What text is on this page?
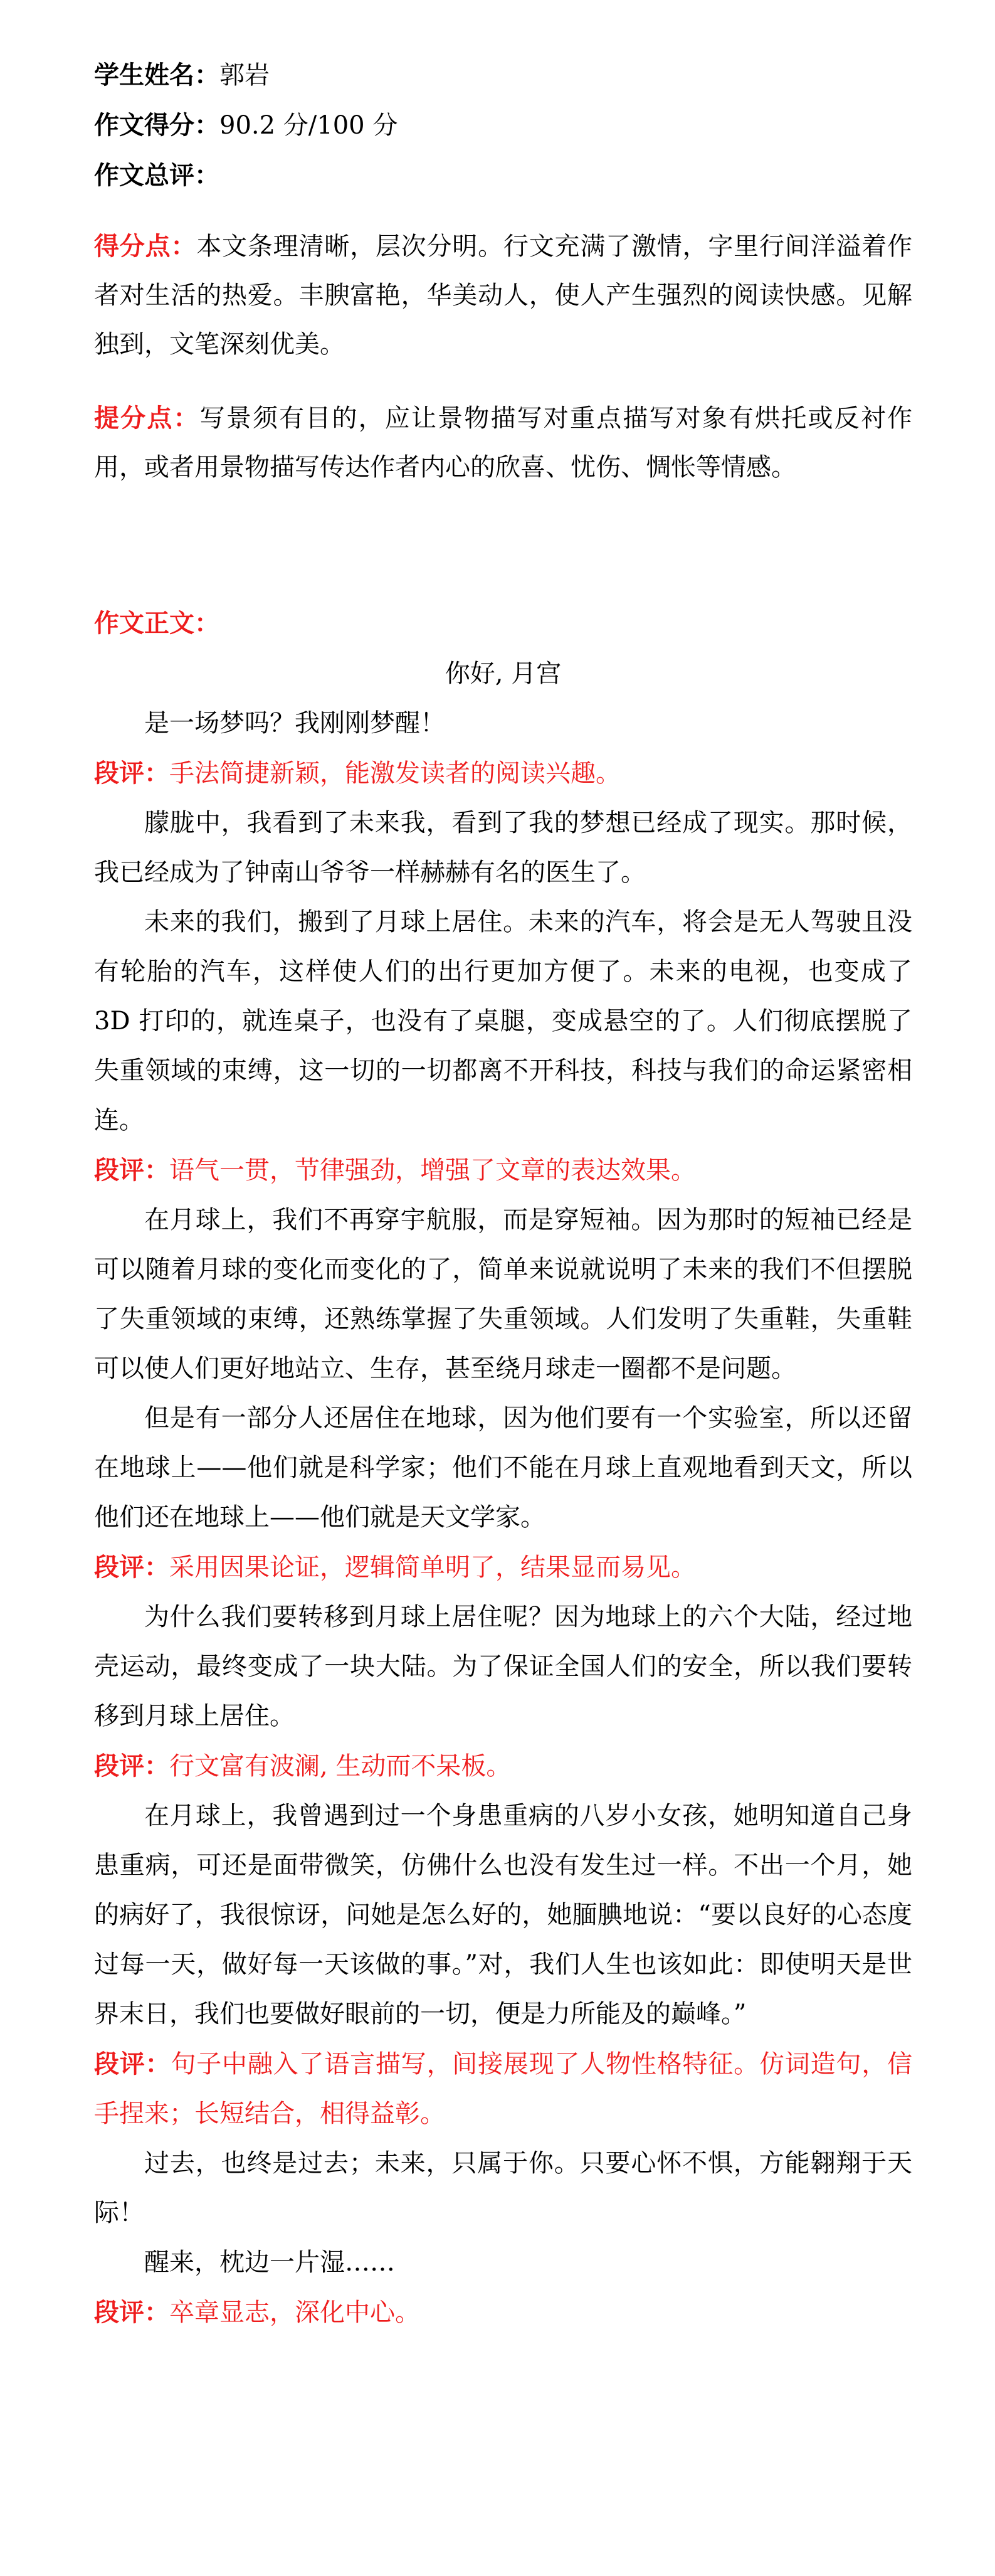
学生姓名：郭岩
作文得分：90.2 分/100 分
作文总评：
得分点：本文条理清晰，层次分明。行文充满了激情，字里行间洋溢着作者对生活的热爱。丰腴富艳，华美动人，使人产生强烈的阅读快感。见解独到，文笔深刻优美。
提分点：写景须有目的，应让景物描写对重点描写对象有烘托或反衬作用，或者用景物描写传达作者内心的欣喜、忧伤、惆怅等情感。
作文正文：
你好, 月宫
是一场梦吗？我刚刚梦醒！
段评：手法简捷新颖，能激发读者的阅读兴趣。
朦胧中，我看到了未来我，看到了我的梦想已经成了现实。那时候，我已经成为了钟南山爷爷一样赫赫有名的医生了。
未来的我们，搬到了月球上居住。未来的汽车，将会是无人驾驶且没有轮胎的汽车，这样使人们的出行更加方便了。未来的电视，也变成了 3D 打印的，就连桌子，也没有了桌腿，变成悬空的了。人们彻底摆脱了失重领域的束缚，这一切的一切都离不开科技，科技与我们的命运紧密相连。
段评：语气一贯，节律强劲，增强了文章的表达效果。
在月球上，我们不再穿宇航服，而是穿短袖。因为那时的短袖已经是可以随着月球的变化而变化的了，简单来说就说明了未来的我们不但摆脱了失重领域的束缚，还熟练掌握了失重领域。人们发明了失重鞋，失重鞋可以使人们更好地站立、生存，甚至绕月球走一圈都不是问题。
但是有一部分人还居住在地球，因为他们要有一个实验室，所以还留在地球上——他们就是科学家；他们不能在月球上直观地看到天文，所以他们还在地球上——他们就是天文学家。
段评：采用因果论证，逻辑简单明了，结果显而易见。
为什么我们要转移到月球上居住呢？因为地球上的六个大陆，经过地壳运动，最终变成了一块大陆。为了保证全国人们的安全，所以我们要转移到月球上居住。
段评：行文富有波澜, 生动而不呆板。
在月球上，我曾遇到过一个身患重病的八岁小女孩，她明知道自己身患重病，可还是面带微笑，仿佛什么也没有发生过一样。不出一个月，她的病好了，我很惊讶，问她是怎么好的，她腼腆地说：“要以良好的心态度过每一天，做好每一天该做的事。”对，我们人生也该如此：即使明天是世界末日，我们也要做好眼前的一切，便是力所能及的巅峰。”
段评：句子中融入了语言描写，间接展现了人物性格特征。仿词造句，信手捏来；长短结合，相得益彰。
过去，也终是过去；未来，只属于你。只要心怀不惧，方能翱翔于天际！
醒来，枕边一片湿……
段评：卒章显志，深化中心。
